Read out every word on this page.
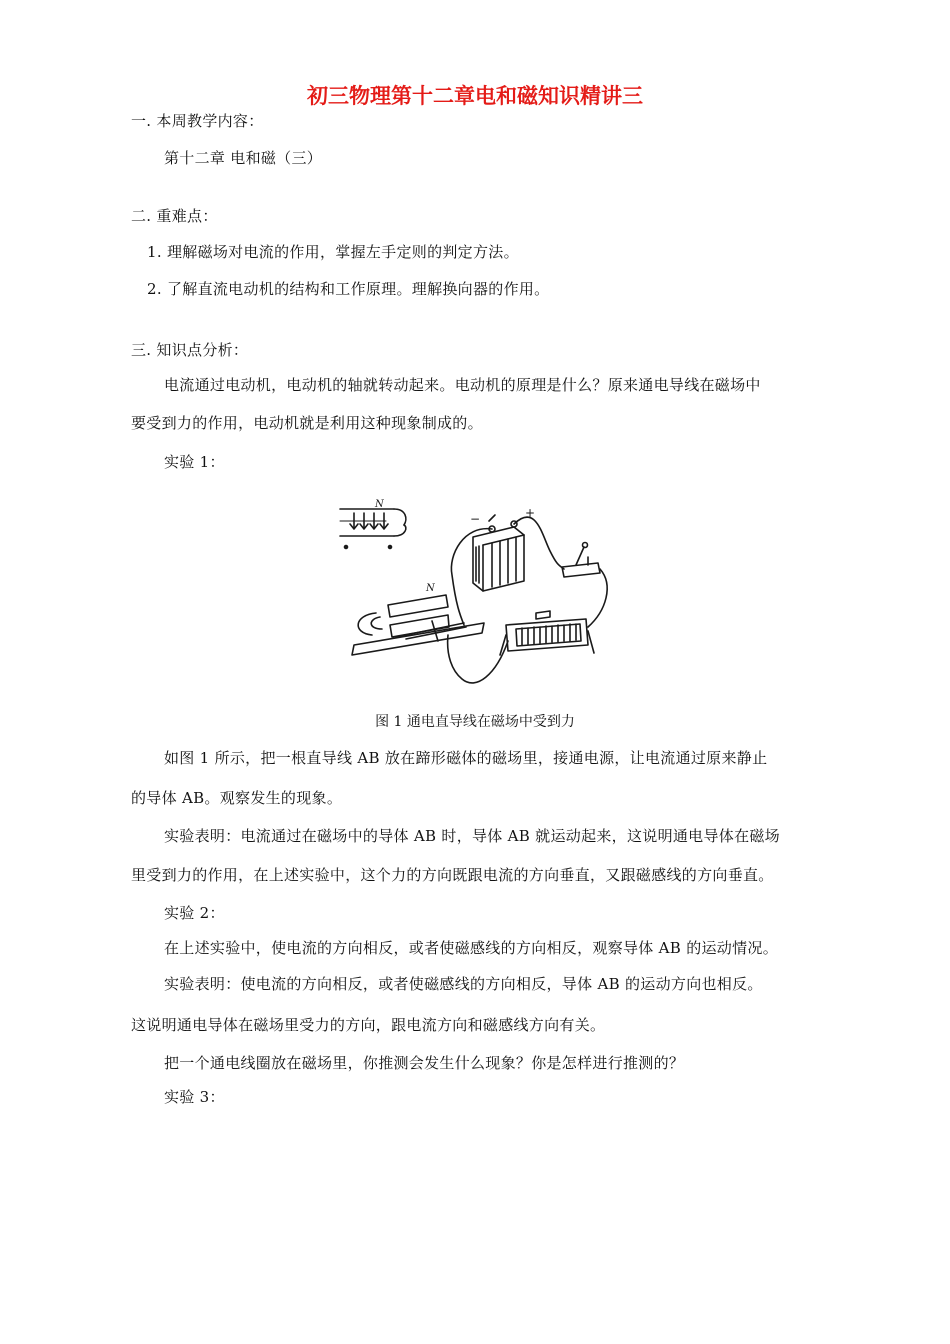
初三物理第十二章电和磁知识精讲三
一. 本周教学内容：
第十二章 电和磁（三）
二. 重难点：
1. 理解磁场对电流的作用，掌握左手定则的判定方法。
2. 了解直流电动机的结构和工作原理。理解换向器的作用。
三. 知识点分析：
电流通过电动机，电动机的轴就转动起来。电动机的原理是什么？原来通电导线在磁场中
要受到力的作用，电动机就是利用这种现象制成的。
实验 1：
N
−	+
N
图 1 通电直导线在磁场中受到力
如图 1 所示，把一根直导线 AB 放在蹄形磁体的磁场里，接通电源，让电流通过原来静止
的导体 AB。观察发生的现象。
实验表明：电流通过在磁场中的导体 AB 时，导体 AB 就运动起来，这说明通电导体在磁场
里受到力的作用，在上述实验中，这个力的方向既跟电流的方向垂直，又跟磁感线的方向垂直。
实验 2：
在上述实验中，使电流的方向相反，或者使磁感线的方向相反，观察导体 AB 的运动情况。
实验表明：使电流的方向相反，或者使磁感线的方向相反，导体 AB 的运动方向也相反。
这说明通电导体在磁场里受力的方向，跟电流方向和磁感线方向有关。
把一个通电线圈放在磁场里，你推测会发生什么现象？你是怎样进行推测的？
实验 3：
